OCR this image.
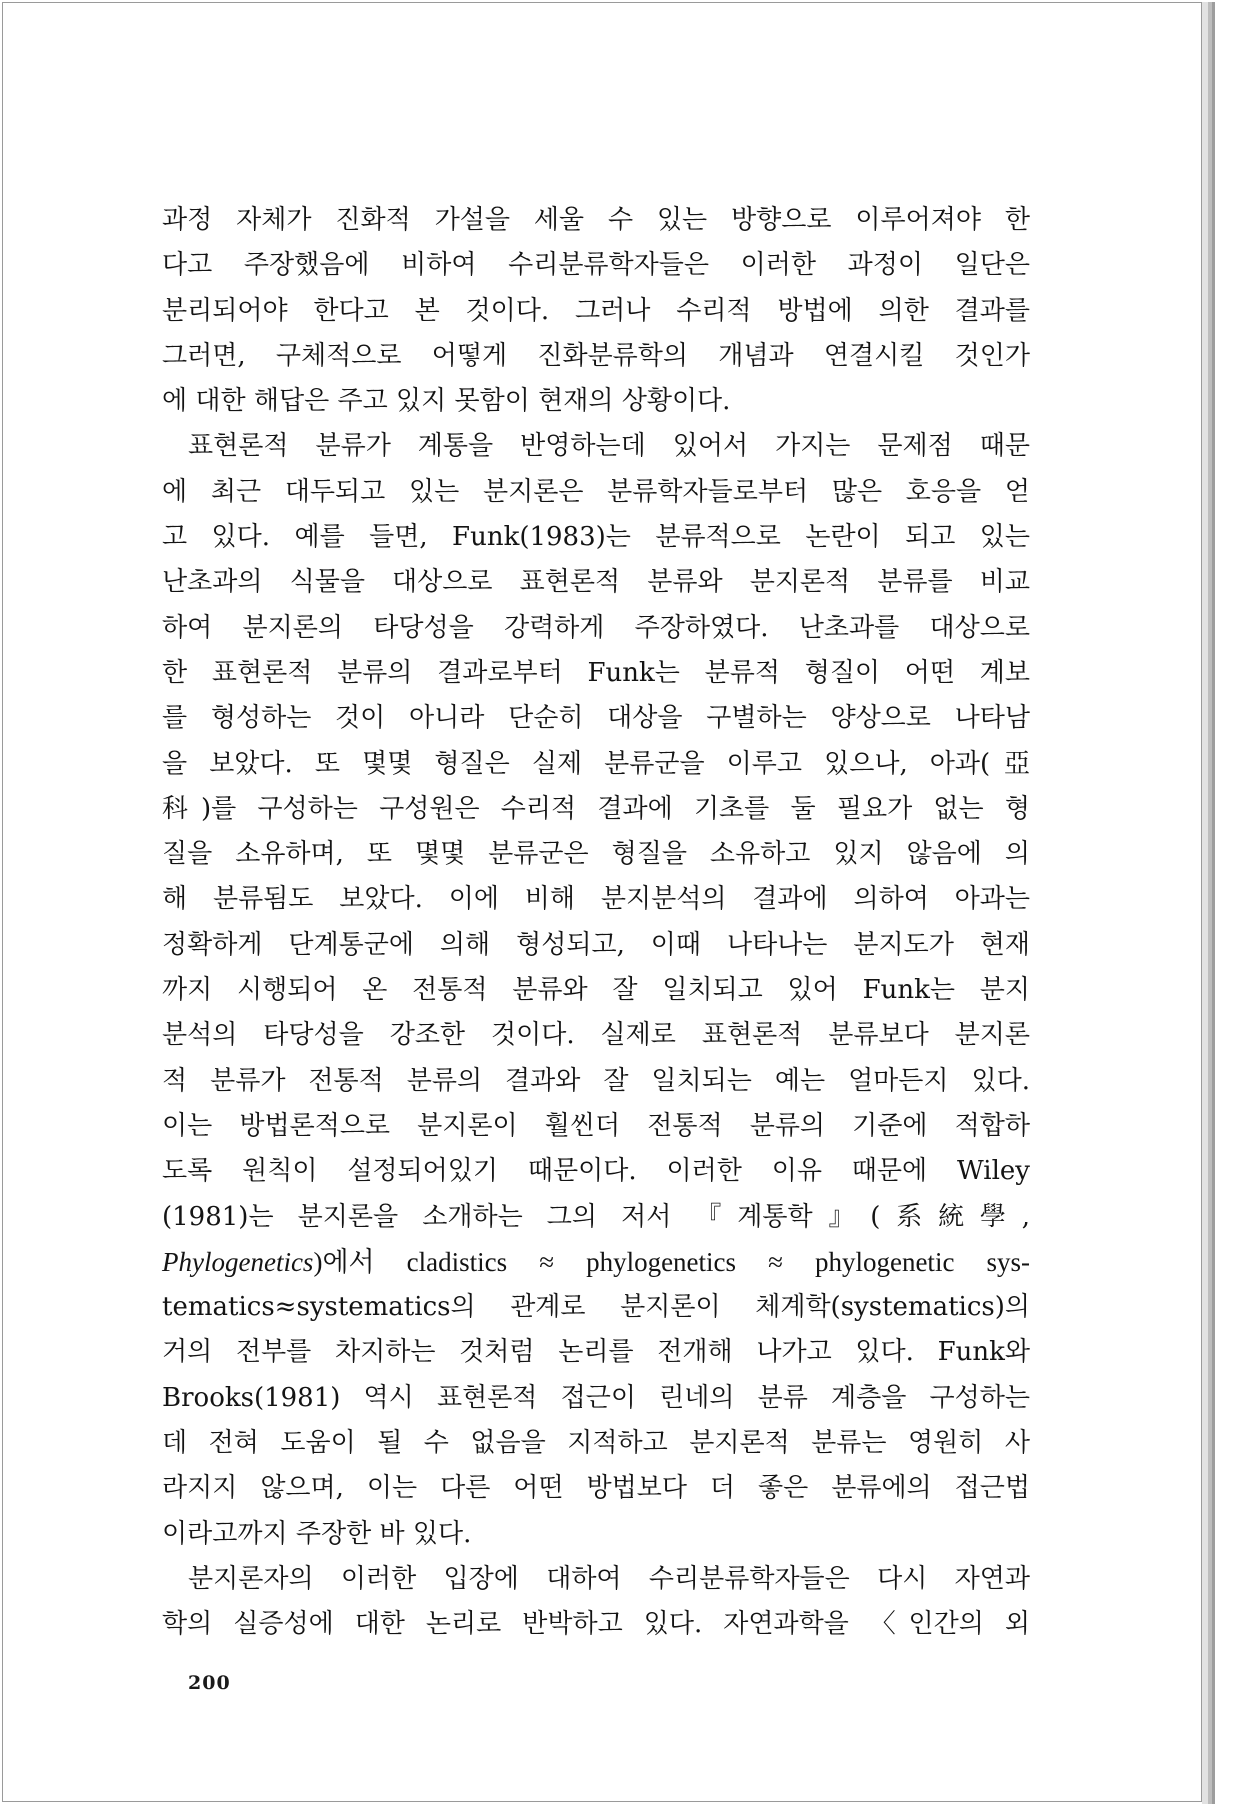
과정 자체가 진화적 가설을 세울 수 있는 방향으로 이루어져야 한
다고 주장했음에 비하여 수리분류학자들은 이러한 과정이 일단은
분리되어야 한다고 본 것이다. 그러나 수리적 방법에 의한 결과를
그러면, 구체적으로 어떻게 진화분류학의 개념과 연결시킬 것인가
에 대한 해답은 주고 있지 못함이 현재의 상황이다.

표현론적 분류가 계통을 반영하는데 있어서 가지는 문제점 때문
에 최근 대두되고 있는 분지론은 분류학자들로부터 많은 호응을 얻
고 있다. 예를 들면, Funk(1983)는 분류적으로 논란이 되고 있는
난초과의 식물을 대상으로 표현론적 분류와 분지론적 분류를 비교
하여 분지론의 타당성을 강력하게 주장하였다. 난초과를 대상으로
한 표현론적 분류의 결과로부터 Funk는 분류적 형질이 어떤 계보
를 형성하는 것이 아니라 단순히 대상을 구별하는 양상으로 나타남
을 보았다. 또 몇몇 형질은 실제 분류군을 이루고 있으나, 아과(亞
科)를 구성하는 구성원은 수리적 결과에 기초를 둘 필요가 없는 형
질을 소유하며, 또 몇몇 분류군은 형질을 소유하고 있지 않음에 의
해 분류됨도 보았다. 이에 비해 분지분석의 결과에 의하여 아과는
정확하게 단계통군에 의해 형성되고, 이때 나타나는 분지도가 현재
까지 시행되어 온 전통적 분류와 잘 일치되고 있어 Funk는 분지
분석의 타당성을 강조한 것이다. 실제로 표현론적 분류보다 분지론
적 분류가 전통적 분류의 결과와 잘 일치되는 예는 얼마든지 있다.
이는 방법론적으로 분지론이 훨씬더 전통적 분류의 기준에 적합하
도록 원칙이 설정되어있기 때문이다. 이러한 이유 때문에 Wiley
(1981)는 분지론을 소개하는 그의 저서 『계통학』(系統學,
Phylogenetics)에서 cladistics ≈ phylogenetics ≈ phylogenetic sys-
tematics≈systematics의 관계로 분지론이 체계학(systematics)의
거의 전부를 차지하는 것처럼 논리를 전개해 나가고 있다. Funk와
Brooks(1981) 역시 표현론적 접근이 린네의 분류 계층을 구성하는
데 전혀 도움이 될 수 없음을 지적하고 분지론적 분류는 영원히 사
라지지 않으며, 이는 다른 어떤 방법보다 더 좋은 분류에의 접근법
이라고까지 주장한 바 있다.

분지론자의 이러한 입장에 대하여 수리분류학자들은 다시 자연과
학의 실증성에 대한 논리로 반박하고 있다. 자연과학을 〈인간의 외

200
